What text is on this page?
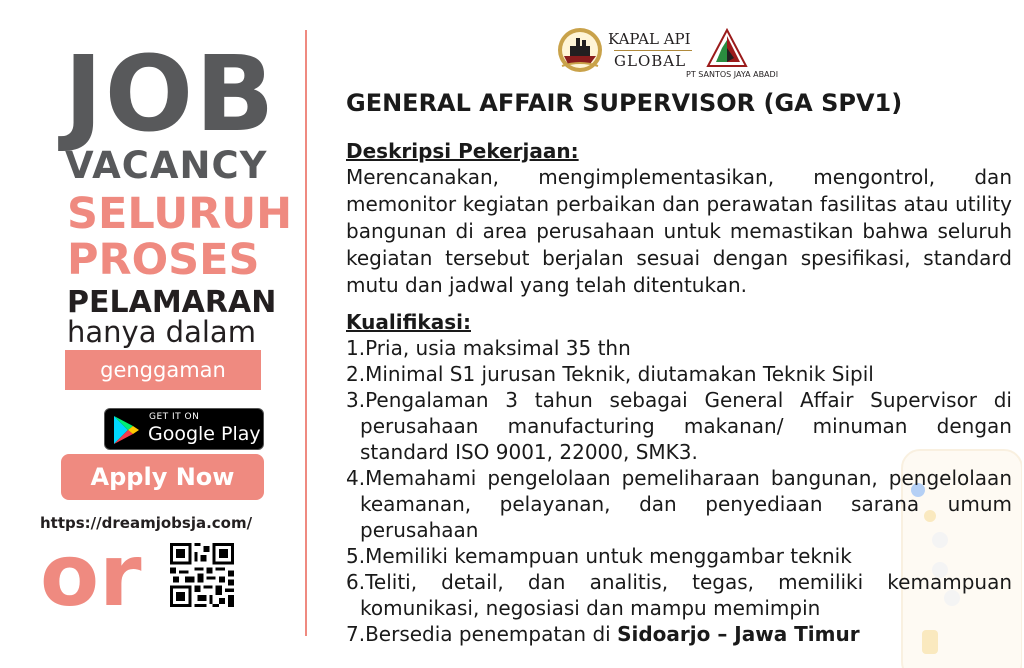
JOB
VACANCY
SELURUH
PROSES
PELAMARAN
hanya dalam
genggaman
GET IT ON
Google Play
Apply Now
https://dreamjobsja.com/
or
KAPAL API
GLOBAL
PT SANTOS JAYA ABADI
GENERAL AFFAIR SUPERVISOR (GA SPV1)
Deskripsi Pekerjaan:

Merencanakan, mengimplementasikan, mengontrol, dan memonitor kegiatan perbaikan dan perawatan fasilitas atau utility bangunan di area perusahaan untuk memastikan bahwa seluruh kegiatan tersebut berjalan sesuai dengan spesifikasi, standard mutu dan jadwal yang telah ditentukan.

Kualifikasi:
1.Pria, usia maksimal 35 thn
2.Minimal S1 jurusan Teknik, diutamakan Teknik Sipil
3.Pengalaman 3 tahun sebagai General Affair Supervisor di perusahaan manufacturing makanan/ minuman dengan standard ISO 9001, 22000, SMK3.
4.Memahami pengelolaan pemeliharaan bangunan, pengelolaan keamanan, pelayanan, dan penyediaan sarana umum perusahaan
5.Memiliki kemampuan untuk menggambar teknik
6.Teliti, detail, dan analitis, tegas, memiliki kemampuan komunikasi, negosiasi dan mampu memimpin
7.Bersedia penempatan di Sidoarjo – Jawa Timur
